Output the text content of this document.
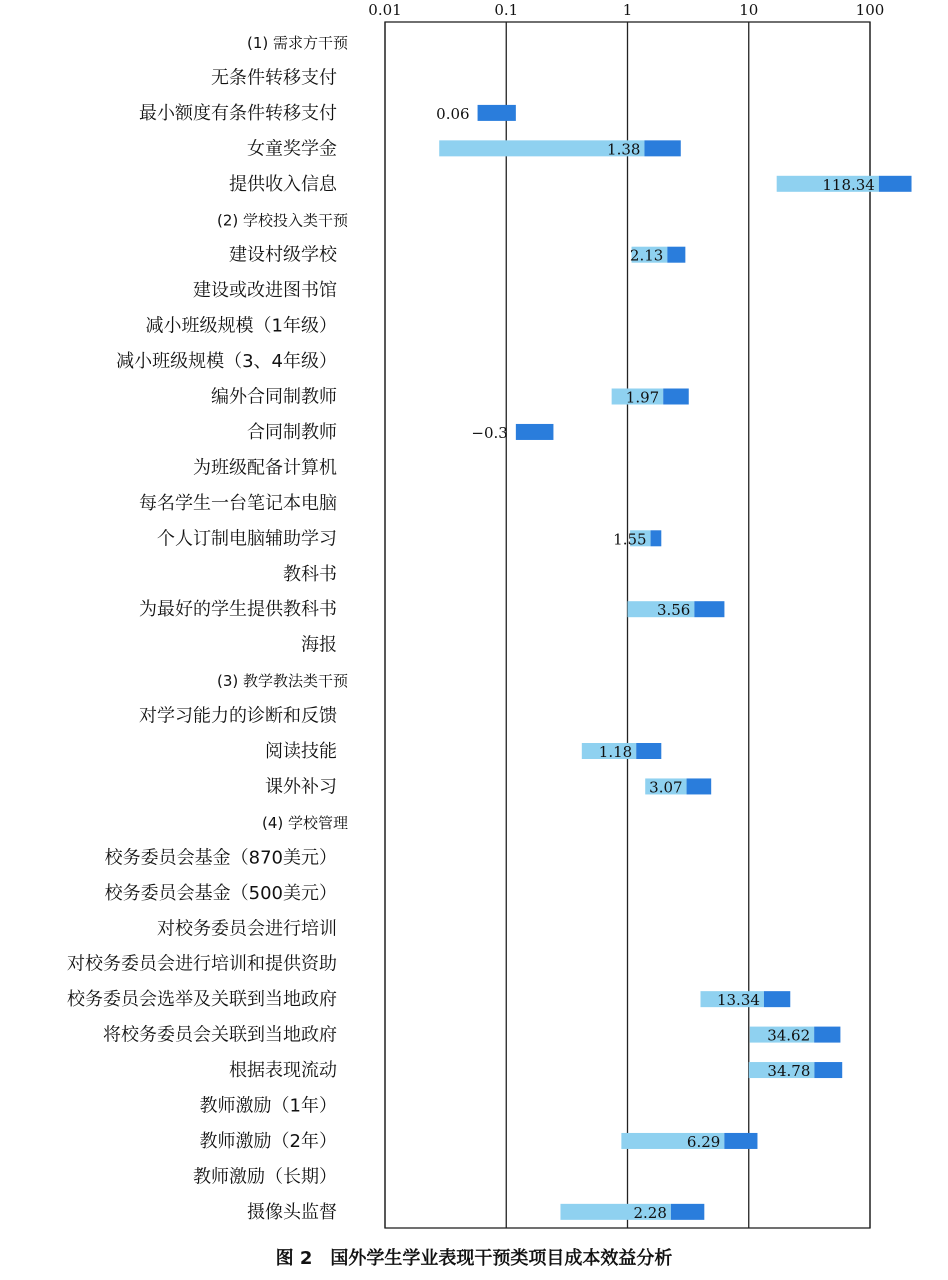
0.01	0.1	1	10	100
(1) 需求方干预
无条件转移支付
最小额度有条件转移支付	0.06
女童奖学金	1.38
提供收入信息	118.34
(2) 学校投入类干预
建设村级学校	2.13
建设或改进图书馆
减小班级规模（1年级）
减小班级规模（3、4年级）
编外合同制教师	1.97
合同制教师	−0.3
为班级配备计算机
每名学生一台笔记本电脑
个人订制电脑辅助学习	1.55
教科书
为最好的学生提供教科书	3.56
海报
(3) 教学教法类干预
对学习能力的诊断和反馈
阅读技能	1.18
课外补习	3.07
(4) 学校管理
校务委员会基金（870美元）
校务委员会基金（500美元）
对校务委员会进行培训
对校务委员会进行培训和提供资助
校务委员会选举及关联到当地政府	13.34
将校务委员会关联到当地政府	34.62
根据表现流动	34.78
教师激励（1年）
教师激励（2年）	6.29
教师激励（长期）
摄像头监督	2.28
图 2　国外学生学业表现干预类项目成本效益分析
